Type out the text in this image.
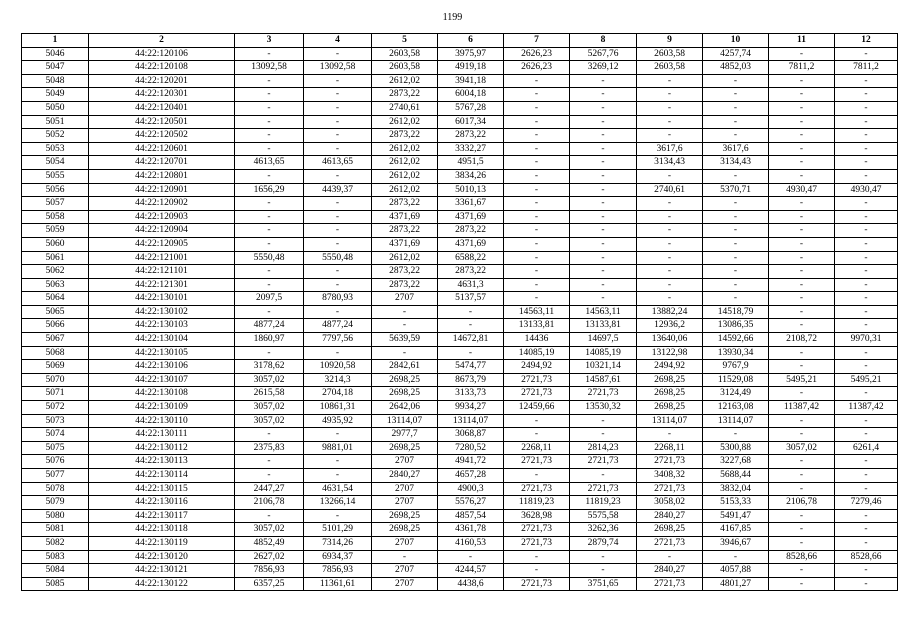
1199
1	2	3	4	5	6	7	8	9	10	11	12
5046	44:22:120106	-	-	2603,58	3975,97	2626,23	5267,76	2603,58	4257,74	-	-
5047	44:22:120108	13092,58	13092,58	2603,58	4919,18	2626,23	3269,12	2603,58	4852,03	7811,2	7811,2
5048	44:22:120201	-	-	2612,02	3941,18	-	-	-	-	-	-
5049	44:22:120301	-	-	2873,22	6004,18	-	-	-	-	-	-
5050	44:22:120401	-	-	2740,61	5767,28	-	-	-	-	-	-
5051	44:22:120501	-	-	2612,02	6017,34	-	-	-	-	-	-
5052	44:22:120502	-	-	2873,22	2873,22	-	-	-	-	-	-
5053	44:22:120601	-	-	2612,02	3332,27	-	-	3617,6	3617,6	-	-
5054	44:22:120701	4613,65	4613,65	2612,02	4951,5	-	-	3134,43	3134,43	-	-
5055	44:22:120801	-	-	2612,02	3834,26	-	-	-	-	-	-
5056	44:22:120901	1656,29	4439,37	2612,02	5010,13	-	-	2740,61	5370,71	4930,47	4930,47
5057	44:22:120902	-	-	2873,22	3361,67	-	-	-	-	-	-
5058	44:22:120903	-	-	4371,69	4371,69	-	-	-	-	-	-
5059	44:22:120904	-	-	2873,22	2873,22	-	-	-	-	-	-
5060	44:22:120905	-	-	4371,69	4371,69	-	-	-	-	-	-
5061	44:22:121001	5550,48	5550,48	2612,02	6588,22	-	-	-	-	-	-
5062	44:22:121101	-	-	2873,22	2873,22	-	-	-	-	-	-
5063	44:22:121301	-	-	2873,22	4631,3	-	-	-	-	-	-
5064	44:22:130101	2097,5	8780,93	2707	5137,57	-	-	-	-	-	-
5065	44:22:130102	-	-	-	-	14563,11	14563,11	13882,24	14518,79	-	-
5066	44:22:130103	4877,24	4877,24	-	-	13133,81	13133,81	12936,2	13086,35	-	-
5067	44:22:130104	1860,97	7797,56	5639,59	14672,81	14436	14697,5	13640,06	14592,66	2108,72	9970,31
5068	44:22:130105	-	-	-	-	14085,19	14085,19	13122,98	13930,34	-	-
5069	44:22:130106	3178,62	10920,58	2842,61	5474,77	2494,92	10321,14	2494,92	9767,9	-	-
5070	44:22:130107	3057,02	3214,3	2698,25	8673,79	2721,73	14587,61	2698,25	11529,08	5495,21	5495,21
5071	44:22:130108	2615,58	2704,18	2698,25	3133,73	2721,73	2721,73	2698,25	3124,49	-	-
5072	44:22:130109	3057,02	10861,31	2642,06	9934,27	12459,66	13530,32	2698,25	12163,08	11387,42	11387,42
5073	44:22:130110	3057,02	4935,92	13114,07	13114,07	-	-	13114,07	13114,07	-	-
5074	44:22:130111	-	-	2977,7	3068,87	-	-	-	-	-	-
5075	44:22:130112	2375,83	9881,01	2698,25	7280,52	2268,11	2814,23	2268,11	5300,88	3057,02	6261,4
5076	44:22:130113	-	-	2707	4941,72	2721,73	2721,73	2721,73	3227,68	-	-
5077	44:22:130114	-	-	2840,27	4657,28	-	-	3408,32	5688,44	-	-
5078	44:22:130115	2447,27	4631,54	2707	4900,3	2721,73	2721,73	2721,73	3832,04	-	-
5079	44:22:130116	2106,78	13266,14	2707	5576,27	11819,23	11819,23	3058,02	5153,33	2106,78	7279,46
5080	44:22:130117	-	-	2698,25	4857,54	3628,98	5575,58	2840,27	5491,47	-	-
5081	44:22:130118	3057,02	5101,29	2698,25	4361,78	2721,73	3262,36	2698,25	4167,85	-	-
5082	44:22:130119	4852,49	7314,26	2707	4160,53	2721,73	2879,74	2721,73	3946,67	-	-
5083	44:22:130120	2627,02	6934,37	-	-	-	-	-	-	8528,66	8528,66
5084	44:22:130121	7856,93	7856,93	2707	4244,57	-	-	2840,27	4057,88	-	-
5085	44:22:130122	6357,25	11361,61	2707	4438,6	2721,73	3751,65	2721,73	4801,27	-	-
